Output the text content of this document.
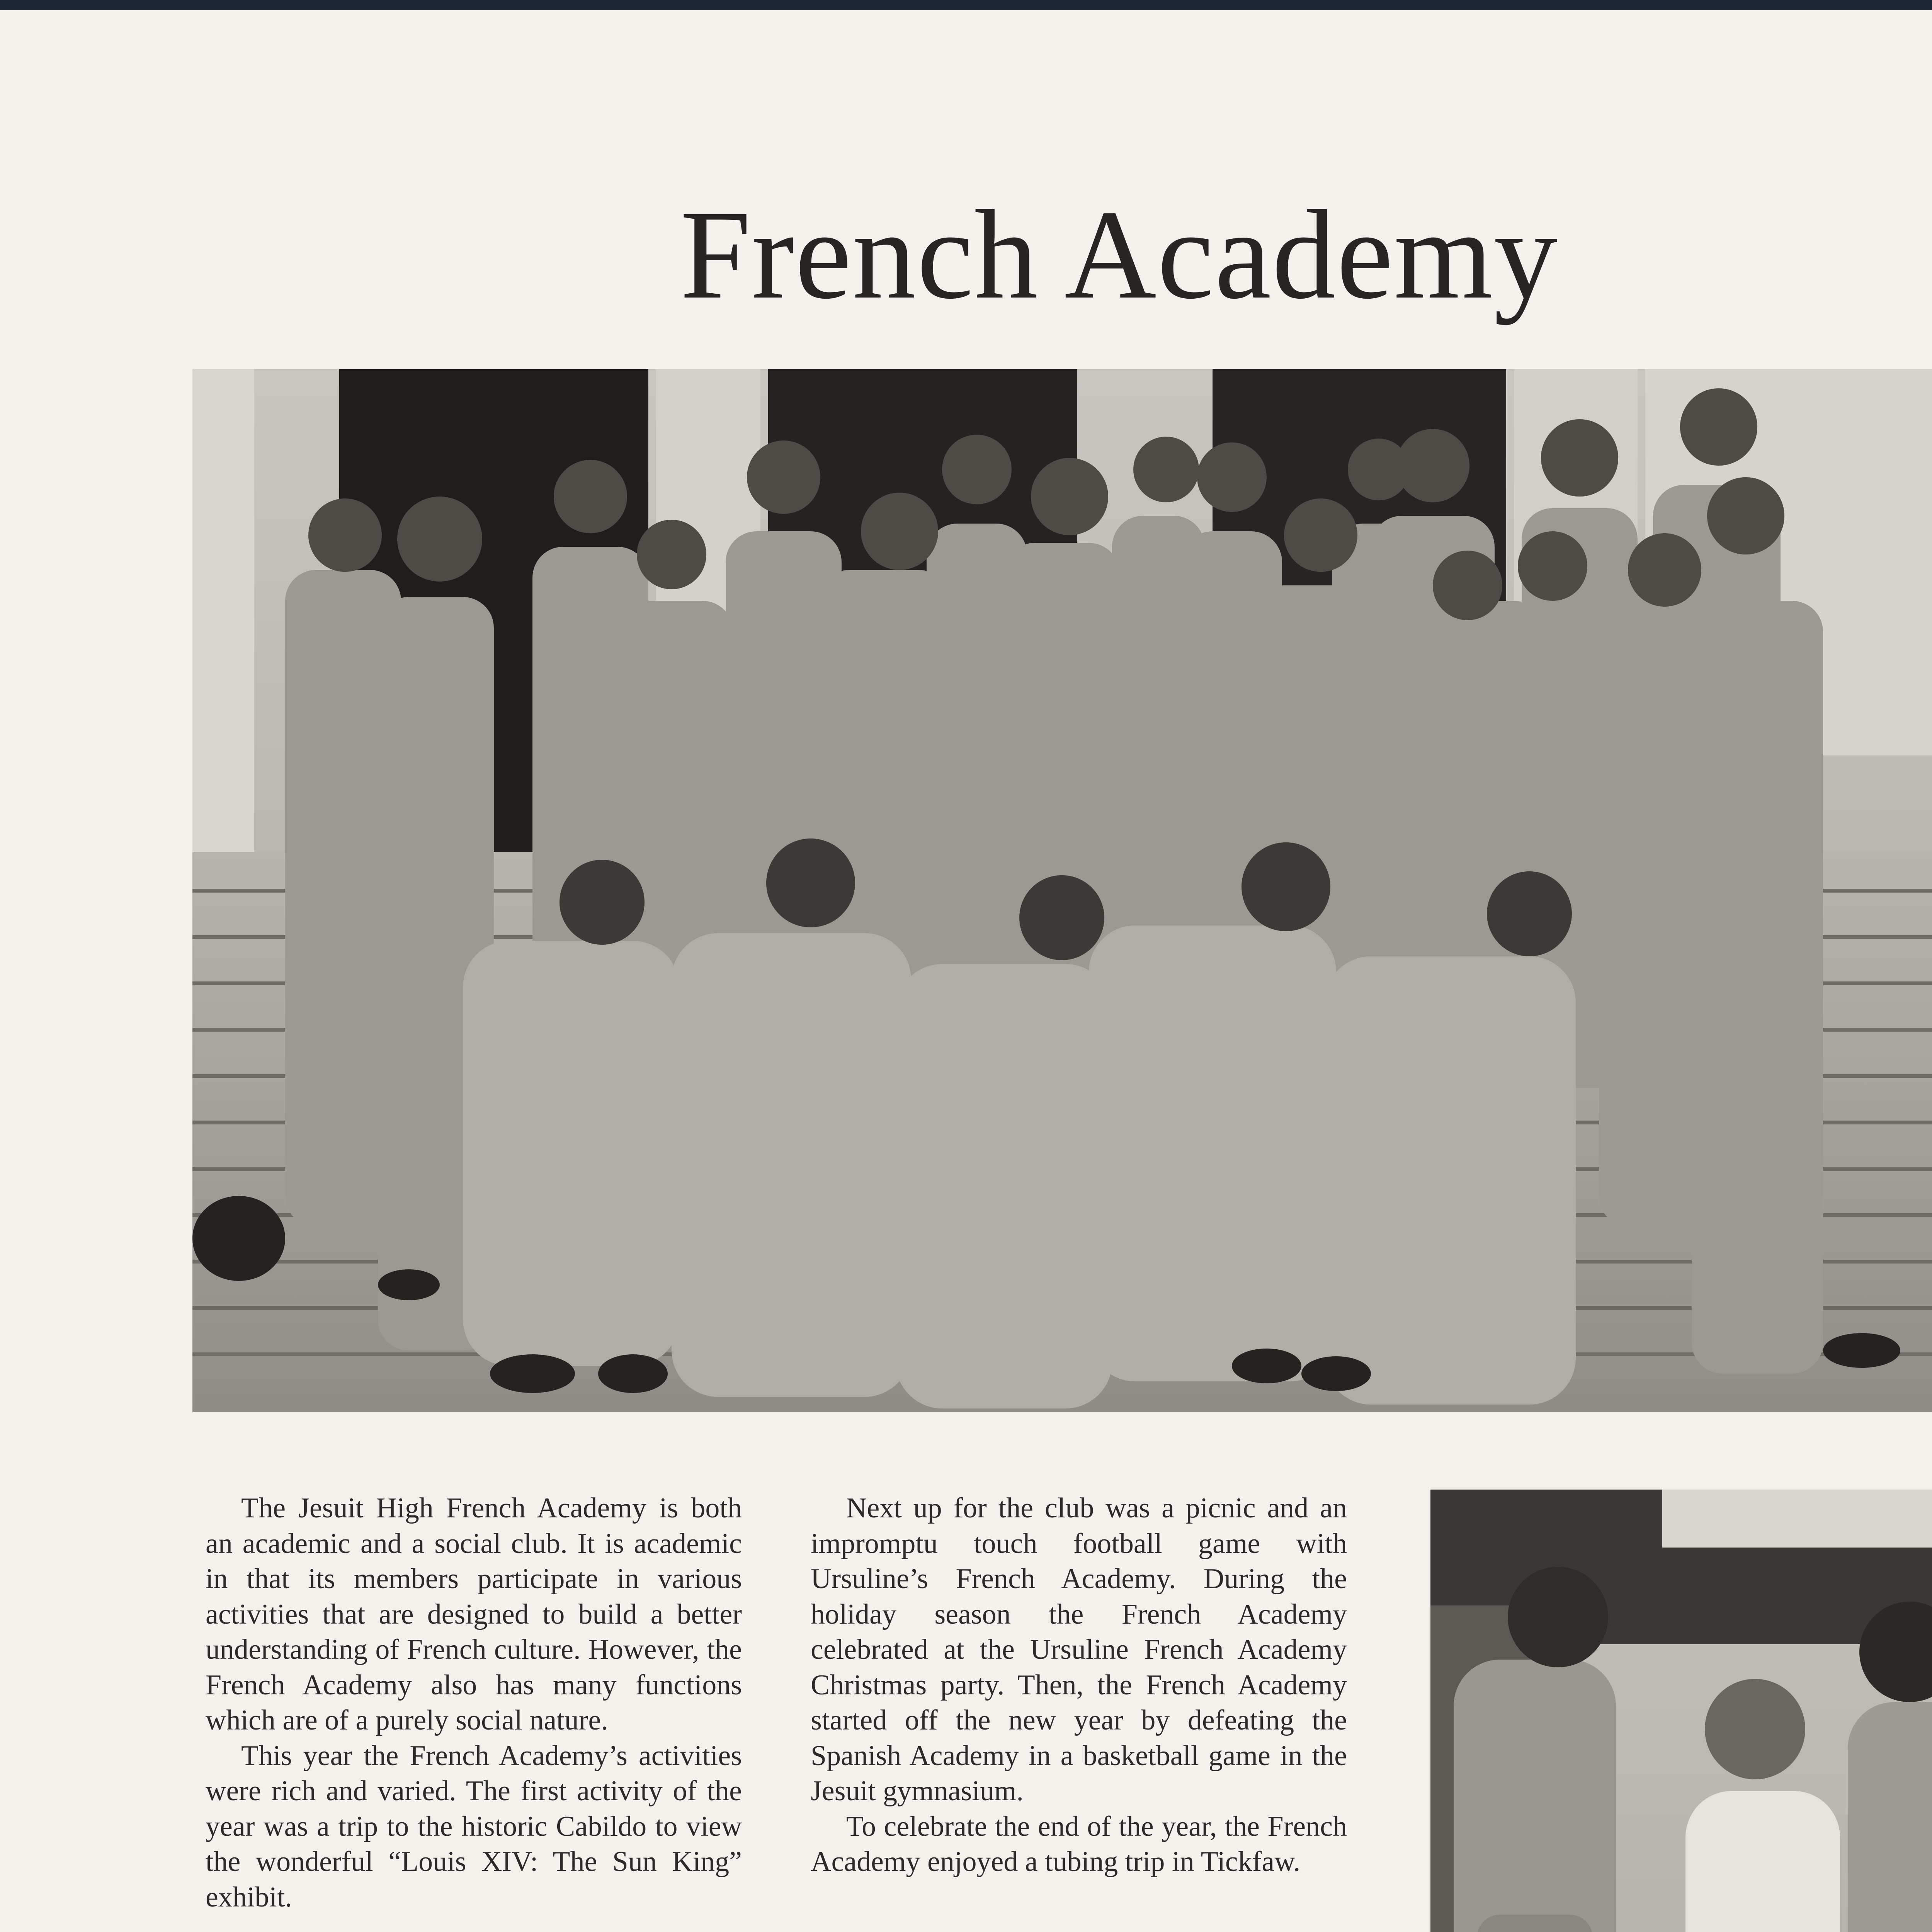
French Academy

The Jesuit High French Academy is both an academic and a social club. It is academic in that its members participate in various activities that are designed to build a better understanding of French culture. However, the French Academy also has many functions which are of a purely social nature.

This year the French Academy’s activities were rich and varied. The first activity of the year was a trip to the historic Cabildo to view the wonderful “Louis XIV: The Sun King” exhibit.

Next up for the club was a picnic and an impromptu touch football game with Ursuline’s French Academy. During the holiday season the French Academy celebrated at the Ursuline French Academy Christmas party. Then, the French Academy started off the new year by defeating the Spanish Academy in a basketball game in the Jesuit gymnasium.

To celebrate the end of the year, the French Academy enjoyed a tubing trip in Tickfaw.
